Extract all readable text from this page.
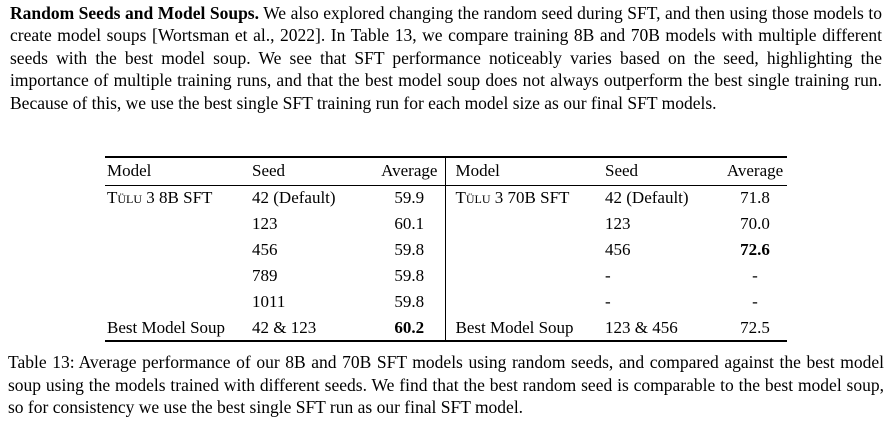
Random Seeds and Model Soups. We also explored changing the random seed during SFT, and then using those models to create model soups [Wortsman et al., 2022]. In Table 13, we compare training 8B and 70B models with multiple different seeds with the best model soup. We see that SFT performance noticeably varies based on the seed, highlighting the importance of multiple training runs, and that the best model soup does not always outperform the best single training run. Because of this, we use the best single SFT training run for each model size as our final SFT models.
Model	Seed	Average	Model	Seed	Average
Tülu 3 8B SFT	42 (Default)	59.9	Tülu 3 70B SFT	42 (Default)	71.8
	123	60.1		123	70.0
	456	59.8		456	72.6
	789	59.8		-	-
	1011	59.8		-	-
Best Model Soup	42 & 123	60.2	Best Model Soup	123 & 456	72.5
Table 13: Average performance of our 8B and 70B SFT models using random seeds, and compared against the best model soup using the models trained with different seeds. We find that the best random seed is comparable to the best model soup, so for consistency we use the best single SFT run as our final SFT model.
